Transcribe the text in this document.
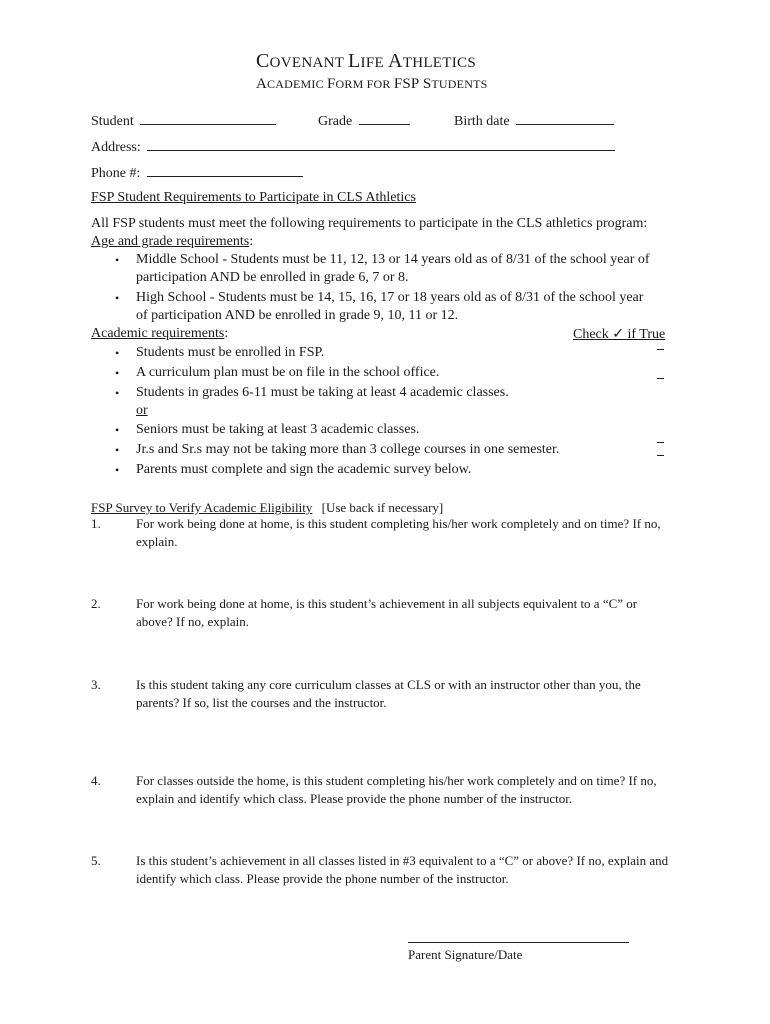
COVENANT LIFE ATHLETICS
ACADEMIC FORM FOR FSP STUDENTS
Student	Grade	Birth date
Address:
Phone #:
FSP Student Requirements to Participate in CLS Athletics
All FSP students must meet the following requirements to participate in the CLS athletics program:
Age and grade requirements:
• Middle School - Students must be 11, 12, 13 or 14 years old as of 8/31 of the school year of
participation AND be enrolled in grade 6, 7 or 8.
• High School - Students must be 14, 15, 16, 17 or 18 years old as of 8/31 of the school year
of participation AND be enrolled in grade 9, 10, 11 or 12.
Academic requirements:	Check ✓ if True
• Students must be enrolled in FSP.
• A curriculum plan must be on file in the school office.
• Students in grades 6-11 must be taking at least 4 academic classes.
or
• Seniors must be taking at least 3 academic classes.
• Jr.s and Sr.s may not be taking more than 3 college courses in one semester.
• Parents must complete and sign the academic survey below.
FSP Survey to Verify Academic Eligibility [Use back if necessary]
1.	For work being done at home, is this student completing his/her work completely and on time? If no, explain.
2.	For work being done at home, is this student’s achievement in all subjects equivalent to a “C” or above? If no, explain.
3.	Is this student taking any core curriculum classes at CLS or with an instructor other than you, the parents? If so, list the courses and the instructor.
4.	For classes outside the home, is this student completing his/her work completely and on time? If no, explain and identify which class. Please provide the phone number of the instructor.
5.	Is this student’s achievement in all classes listed in #3 equivalent to a “C” or above? If no, explain and identify which class. Please provide the phone number of the instructor.
Parent Signature/Date
